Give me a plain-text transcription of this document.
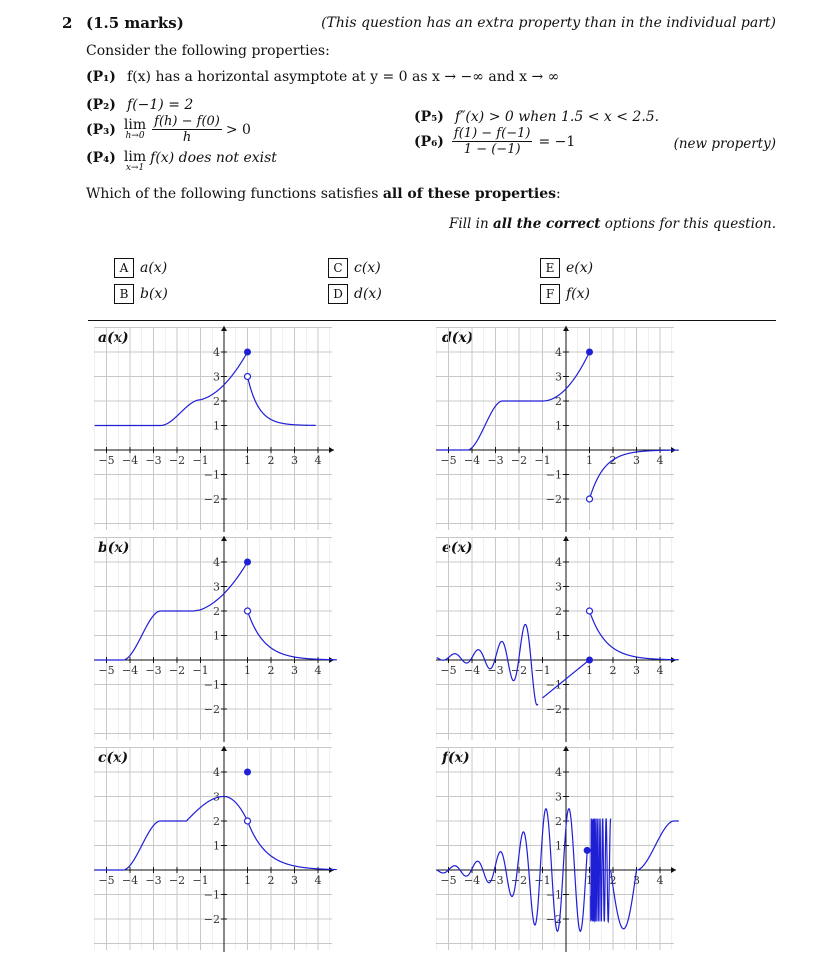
2 (1.5 marks)	(This question has an extra property than in the individual part)
Consider the following properties:
(P₁) f(x) has a horizontal asymptote at y = 0 as x → −∞ and x → ∞
(P₂) f(−1) = 2
(P₃) lim
$h\to 0 \frac{f(h) - f(0)}{h} > 0$
(P₄) lim
x→1
f(x) does not exist
(P₅) f″(x) > 0 when 1.5 < x < 2.5.
$(P_6) \frac{f(1) - f(-1)}{1 - (-1)} = -1$	(new property)
Which of the following functions satisfies all of these properties:
Fill in all the correct options for this question.
A a(x)
B b(x)
C c(x)
D d(x)
E e(x)
F f(x)
a(x)	d(x)
b(x)	e(x)
c(x)	f(x)
−5 −4 −3 −2 −1	1 2 3 4
−2
−1
1
2
3
4
−5 −4 −3 −2 −1	1 2 3 4
−2
−1
1
2
3
4
−5 −4 −3 −2 −1	1 2 3 4
−2
−1
1
2
3
4
−5 −4 −3 −2 −1	1 2 3 4
−2
−1
1
2
3
4
−5 −4 −3 −2 −1	1 2 3 4
−2
−1
1
2
3
4
−5 −4 −3 −2 −1	1 2 3 4
−2
−1
1
2
3
4
